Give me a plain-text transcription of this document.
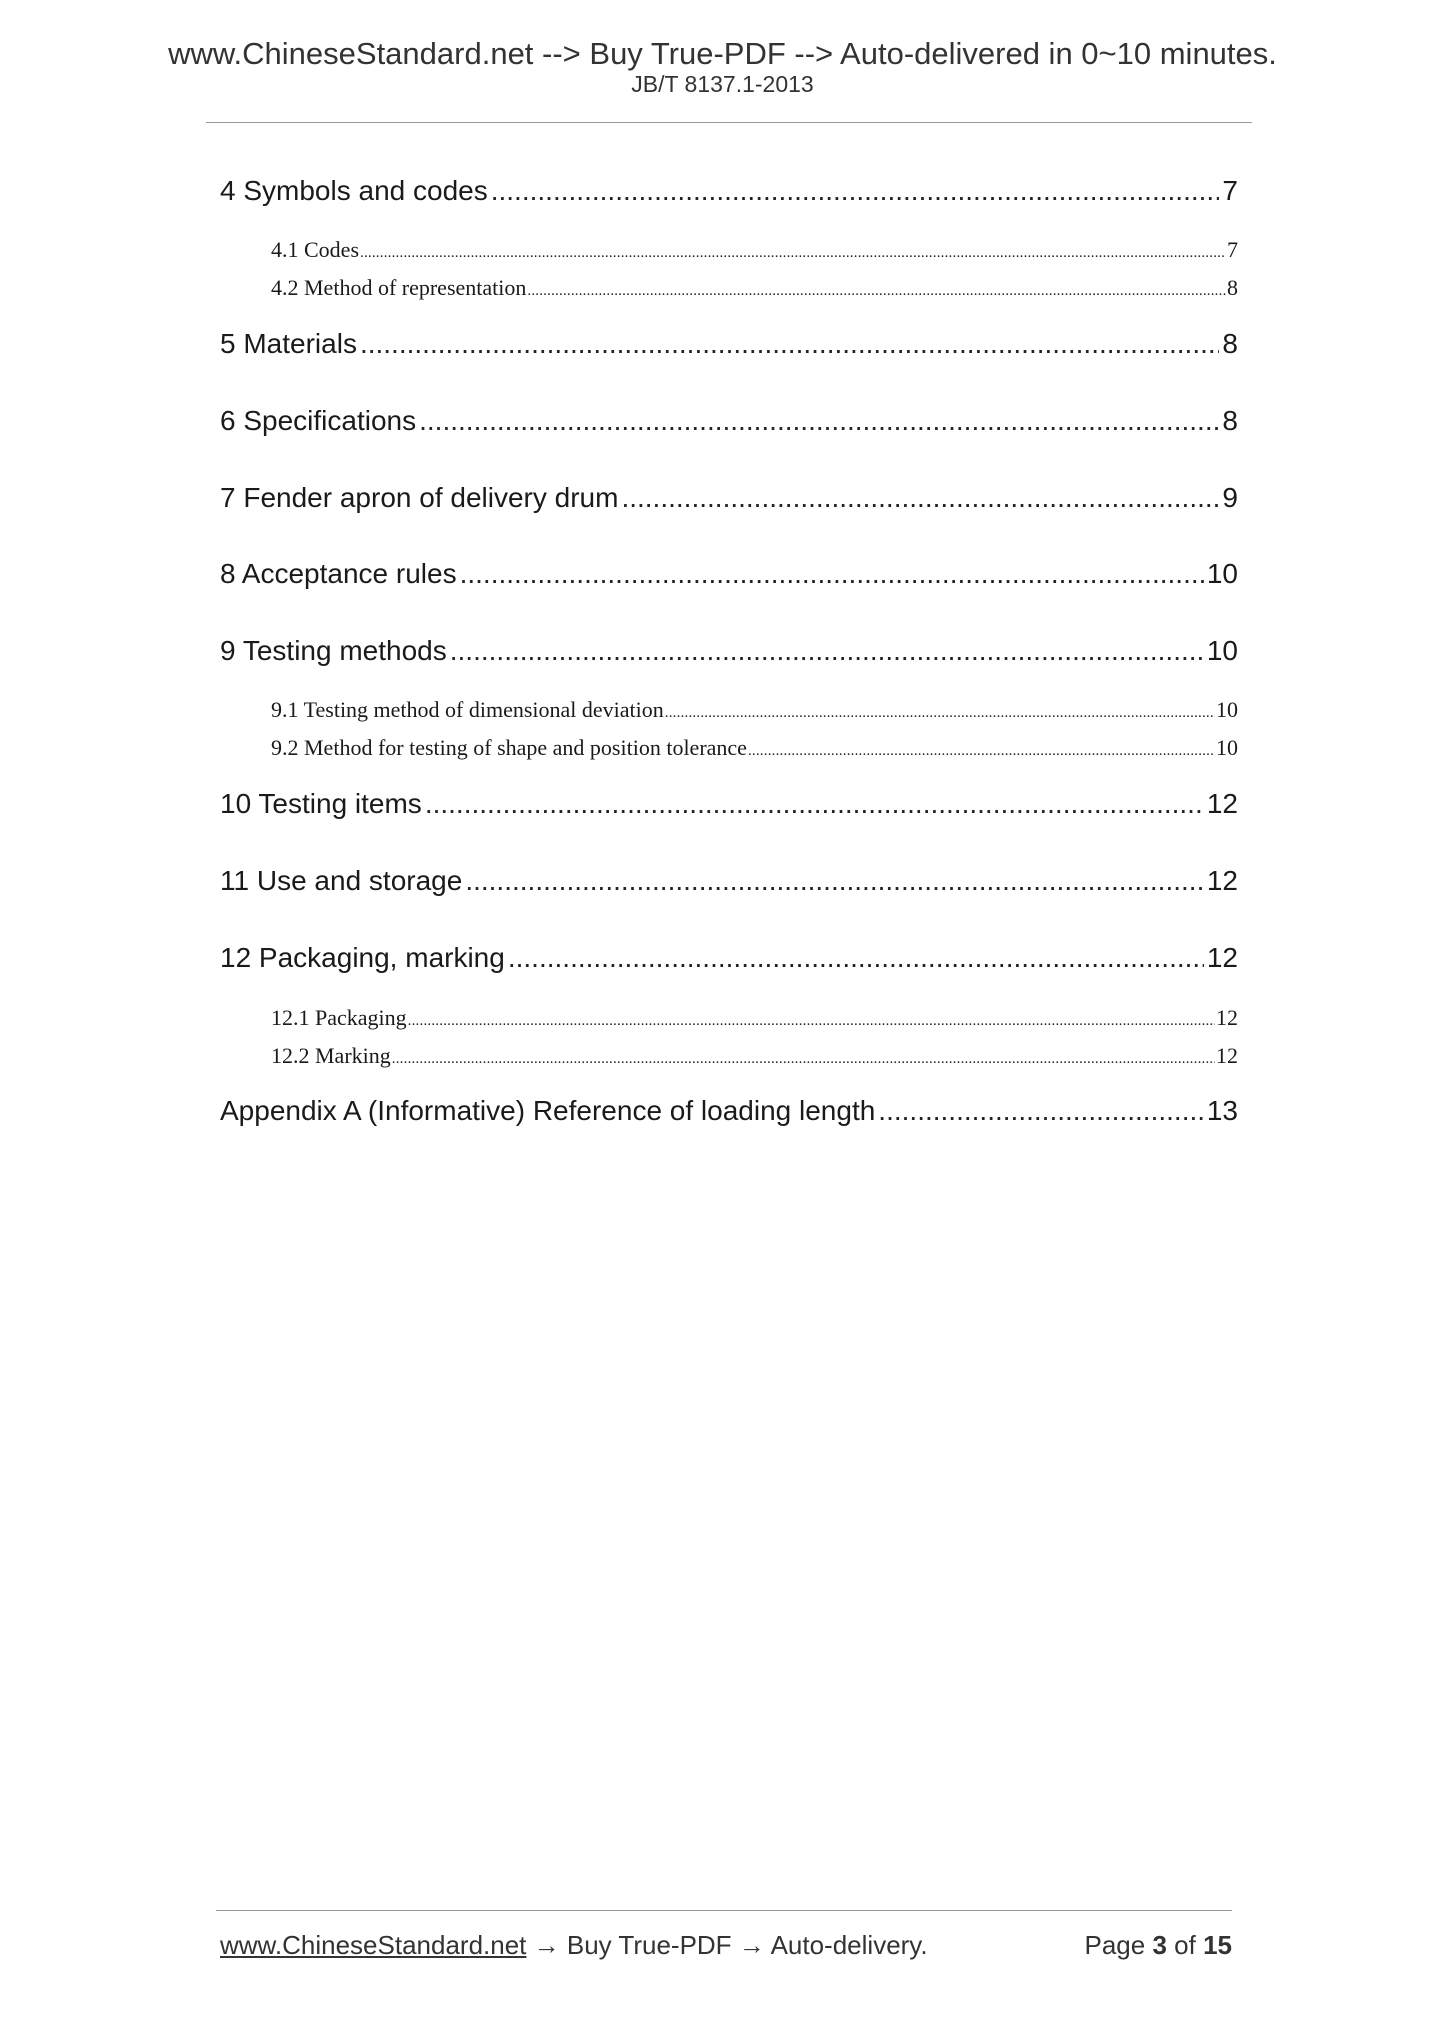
www.ChineseStandard.net --> Buy True-PDF --> Auto-delivered in 0~10 minutes.
JB/T 8137.1-2013
4 Symbols and codes .....	7
4.1 Codes .....	7
4.2 Method of representation .....	8
5 Materials .....	8
6 Specifications .....	8
7 Fender apron of delivery drum .....	9
8 Acceptance rules .....	10
9 Testing methods .....	10
9.1 Testing method of dimensional deviation .....	10
9.2 Method for testing of shape and position tolerance .....	10
10 Testing items .....	12
11 Use and storage .....	12
12 Packaging, marking .....	12
12.1 Packaging .....	12
12.2 Marking .....	12
Appendix A (Informative) Reference of loading length .....	13
www.ChineseStandard.net → Buy True-PDF → Auto-delivery.	Page 3 of 15
